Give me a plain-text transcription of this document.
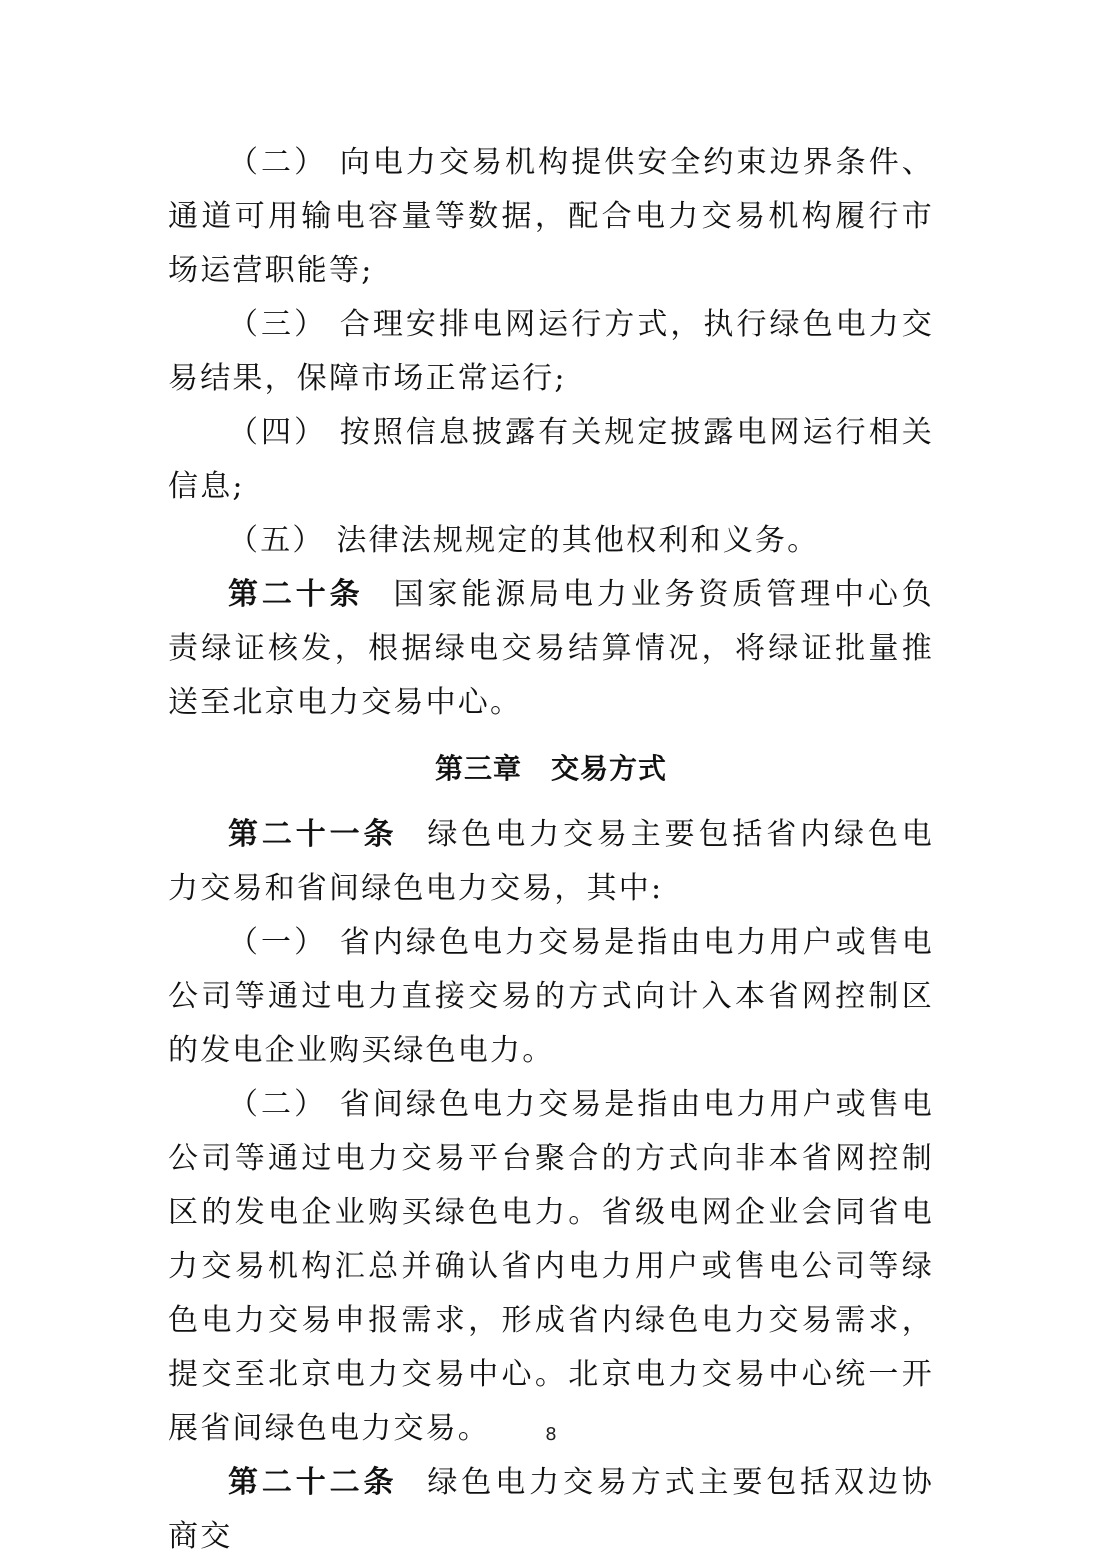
（二） 向电力交易机构提供安全约束边界条件、通道可用输电容量等数据，配合电力交易机构履行市场运营职能等;

（三） 合理安排电网运行方式，执行绿色电力交易结果，保障市场正常运行;

（四） 按照信息披露有关规定披露电网运行相关信息;

（五） 法律法规规定的其他权利和义务。

第二十条 国家能源局电力业务资质管理中心负责绿证核发，根据绿电交易结算情况，将绿证批量推送至北京电力交易中心。

第三章　交易方式

第二十一条 绿色电力交易主要包括省内绿色电力交易和省间绿色电力交易，其中:

（一） 省内绿色电力交易是指由电力用户或售电公司等通过电力直接交易的方式向计入本省网控制区的发电企业购买绿色电力。

（二） 省间绿色电力交易是指由电力用户或售电公司等通过电力交易平台聚合的方式向非本省网控制区的发电企业购买绿色电力。省级电网企业会同省电力交易机构汇总并确认省内电力用户或售电公司等绿色电力交易申报需求，形成省内绿色电力交易需求，提交至北京电力交易中心。北京电力交易中心统一开展省间绿色电力交易。

第二十二条 绿色电力交易方式主要包括双边协商交

8
